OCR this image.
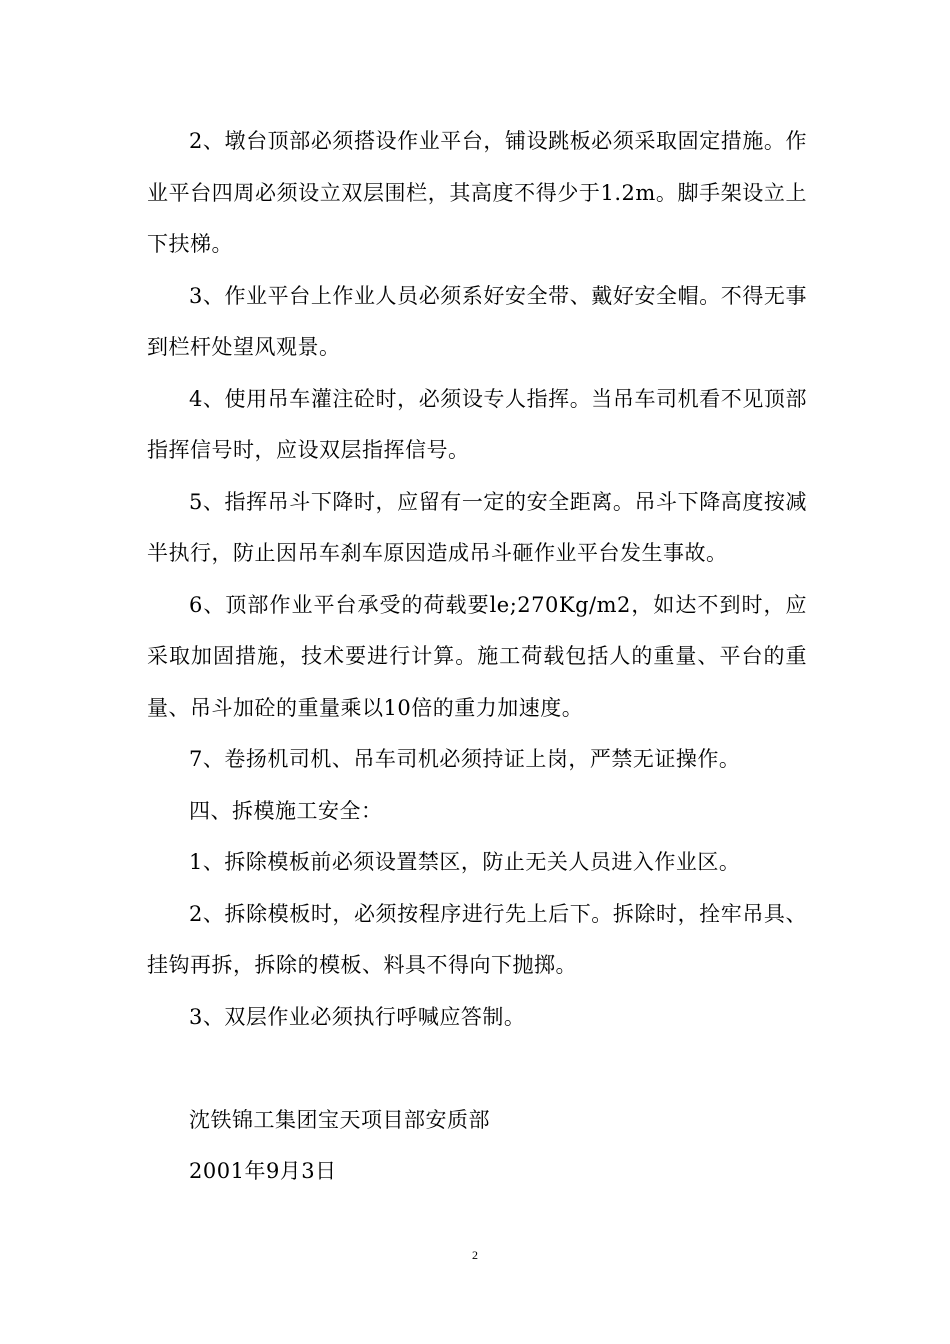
2、墩台顶部必须搭设作业平台，铺设跳板必须采取固定措施。作业平台四周必须设立双层围栏，其高度不得少于1.2m。脚手架设立上下扶梯。

3、作业平台上作业人员必须系好安全带、戴好安全帽。不得无事到栏杆处望风观景。

4、使用吊车灌注砼时，必须设专人指挥。当吊车司机看不见顶部指挥信号时，应设双层指挥信号。

5、指挥吊斗下降时，应留有一定的安全距离。吊斗下降高度按减半执行，防止因吊车刹车原因造成吊斗砸作业平台发生事故。

6、顶部作业平台承受的荷载要le;270Kg/m2，如达不到时，应采取加固措施，技术要进行计算。施工荷载包括人的重量、平台的重量、吊斗加砼的重量乘以10倍的重力加速度。

7、卷扬机司机、吊车司机必须持证上岗，严禁无证操作。

四、拆模施工安全：

1、拆除模板前必须设置禁区，防止无关人员进入作业区。

2、拆除模板时，必须按程序进行先上后下。拆除时，拴牢吊具、挂钩再拆，拆除的模板、料具不得向下抛掷。

3、双层作业必须执行呼喊应答制。

沈铁锦工集团宝天项目部安质部

2001年9月3日

2
